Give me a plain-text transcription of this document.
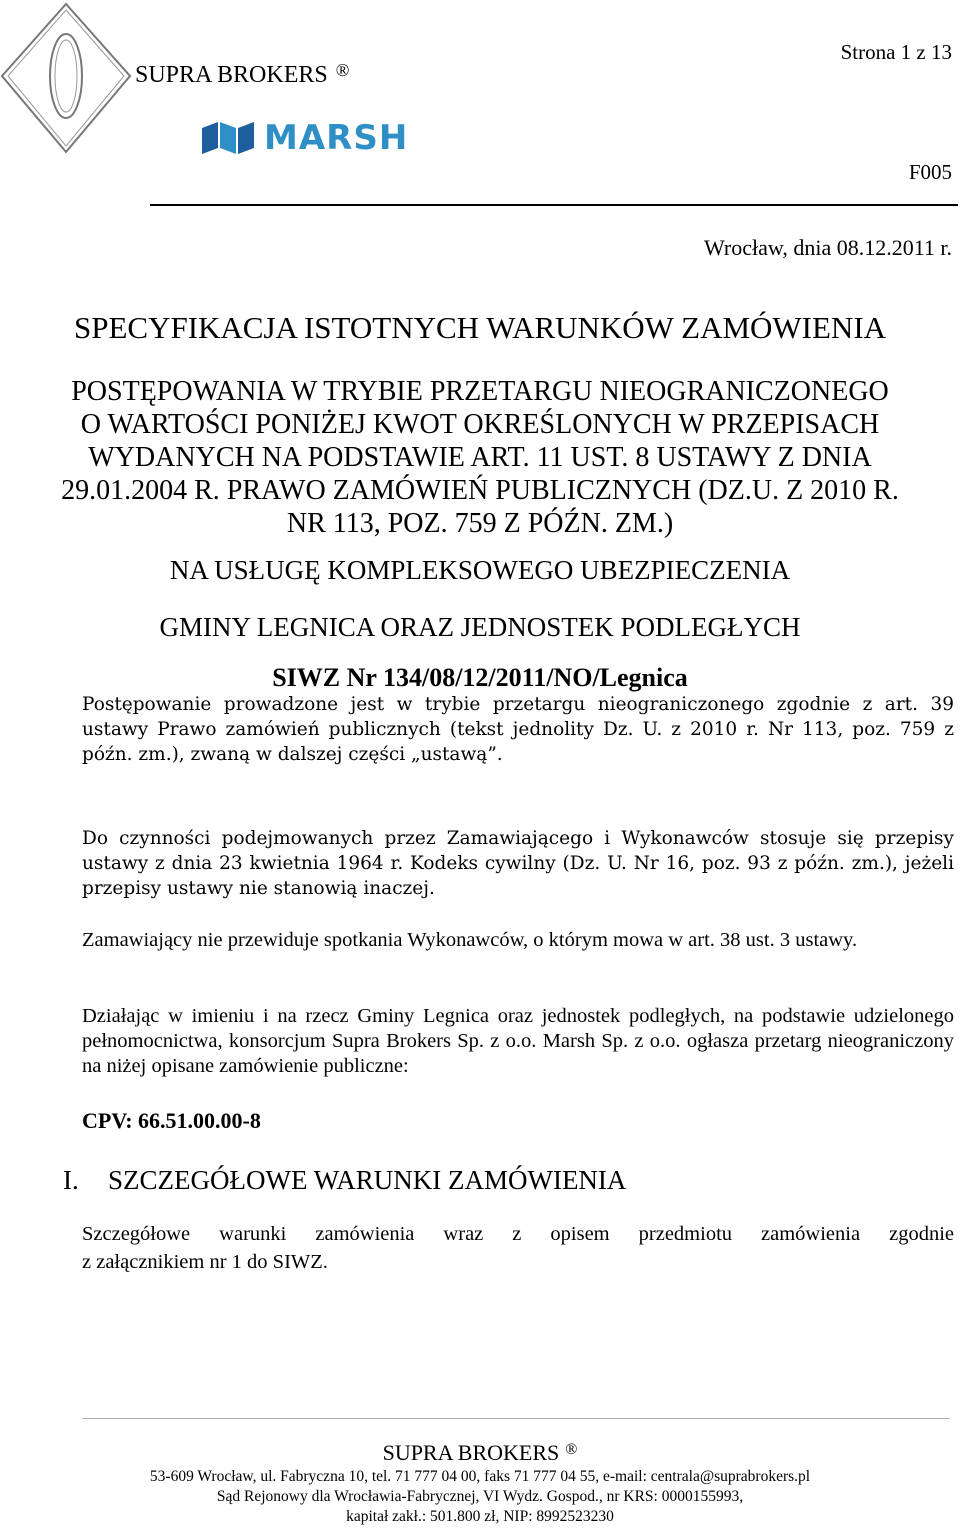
Strona 1 z 13
SUPRA BROKERS ®
MARSH
F005
Wrocław, dnia 08.12.2011 r.
SPECYFIKACJA ISTOTNYCH WARUNKÓW ZAMÓWIENIA
POSTĘPOWANIA W TRYBIE PRZETARGU NIEOGRANICZONEGO
O WARTOŚCI PONIŻEJ KWOT OKREŚLONYCH W PRZEPISACH
WYDANYCH NA PODSTAWIE ART. 11 UST. 8 USTAWY Z DNIA
29.01.2004 R. PRAWO ZAMÓWIEŃ PUBLICZNYCH (DZ.U. Z 2010 R.
NR 113, POZ. 759 Z PÓŹN. ZM.)
NA USŁUGĘ KOMPLEKSOWEGO UBEZPIECZENIA
GMINY LEGNICA ORAZ JEDNOSTEK PODLEGŁYCH
SIWZ Nr 134/08/12/2011/NO/Legnica
Postępowanie prowadzone jest w trybie przetargu nieograniczonego zgodnie z art. 39 ustawy Prawo zamówień publicznych (tekst jednolity Dz. U. z 2010 r. Nr 113, poz. 759 z późn. zm.), zwaną w dalszej części „ustawą”.
Do czynności podejmowanych przez Zamawiającego i Wykonawców stosuje się przepisy ustawy z dnia 23 kwietnia 1964 r. Kodeks cywilny (Dz. U. Nr 16, poz. 93 z późn. zm.), jeżeli przepisy ustawy nie stanowią inaczej.
Zamawiający nie przewiduje spotkania Wykonawców, o którym mowa w art. 38 ust. 3 ustawy.
Działając w imieniu i na rzecz Gminy Legnica oraz jednostek podległych, na podstawie udzielonego pełnomocnictwa, konsorcjum Supra Brokers Sp. z o.o. Marsh Sp. z o.o. ogłasza przetarg nieograniczony na niżej opisane zamówienie publiczne:
CPV: 66.51.00.00-8
I. SZCZEGÓŁOWE WARUNKI ZAMÓWIENIA
Szczegółowe warunki zamówienia wraz z opisem przedmiotu zamówienia zgodnie
z załącznikiem nr 1 do SIWZ.
SUPRA BROKERS ®
53-609 Wrocław, ul. Fabryczna 10, tel. 71 777 04 00, faks 71 777 04 55, e-mail: centrala@suprabrokers.pl
Sąd Rejonowy dla Wrocławia-Fabrycznej, VI Wydz. Gospod., nr KRS: 0000155993,
kapitał zakł.: 501.800 zł, NIP: 8992523230
